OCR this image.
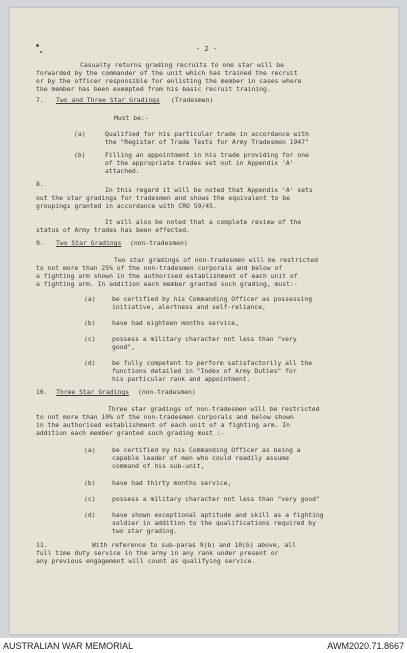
- 2 -
Casualty returns grading recruits to one star will be
forwarded by the commander of the unit which has trained the recruit
or by the officer responsible for enlisting the member in cases where
the member has been exempted from his basic recruit training.
7. Two and Three Star Gradings (Tradesmen)
Must be:-
(a)	Qualified for his particular trade in accordance with
the "Register of Trade Tests for Army Tradesmen 1947"
(b)	Filling an appointment in his trade providing for one
of the appropriate trades set out in Appendix 'A'
attached.
8.
In this regard it will be noted that Appendix 'A' sets
out the star gradings for tradesmen and shows the equivalent to be
groupings granted in accordance with CRO 59/45.
It will also be noted that a complete review of the
status of Army trades has been effected.
9. Two Star Gradings (non-tradesmen)
Two star gradings of non-tradesmen will be restricted
to not more than 25% of the non-tradesmen corporals and below of
a fighting arm shown in the authorised establishment of each unit of
a fighting arm. In addition each member granted such grading, must:-
(a)	be certified by his Commanding Officer as possessing
initiative, alertness and self-reliance,
(b)	have had eighteen months service,
(c)	possess a military character not less than "very
good",
(d)	be fully competent to perform satisfactorily all the
functions detailed in "Index of Army Duties" for
his particular rank and appointment.
10. Three Star Gradings (non-tradesmen)
Three star gradings of non-tradesmen will be restricted
to not more than 10% of the non-tradesmen corporals and below shown
in the authorised establishment of each unit of a fighting arm. In
addition each member granted such grading must :-
(a)	be certified by his Commanding Officer as being a
capable leader of men who could readily assume
command of his sub-unit,
(b)	have had thirty months service,
(c)	possess a military character not less than "very good"
(d)	have shown exceptional aptitude and skill as a fighting
soldier in addition to the qualifications required by
two star grading.
11.	With reference to sub-paras 9(b) and 10(b) above, all
full time duty service in the army in any rank under present or
any previous engagement will count as qualifying service.
AUSTRALIAN WAR MEMORIAL	AWM2020.71.8667
